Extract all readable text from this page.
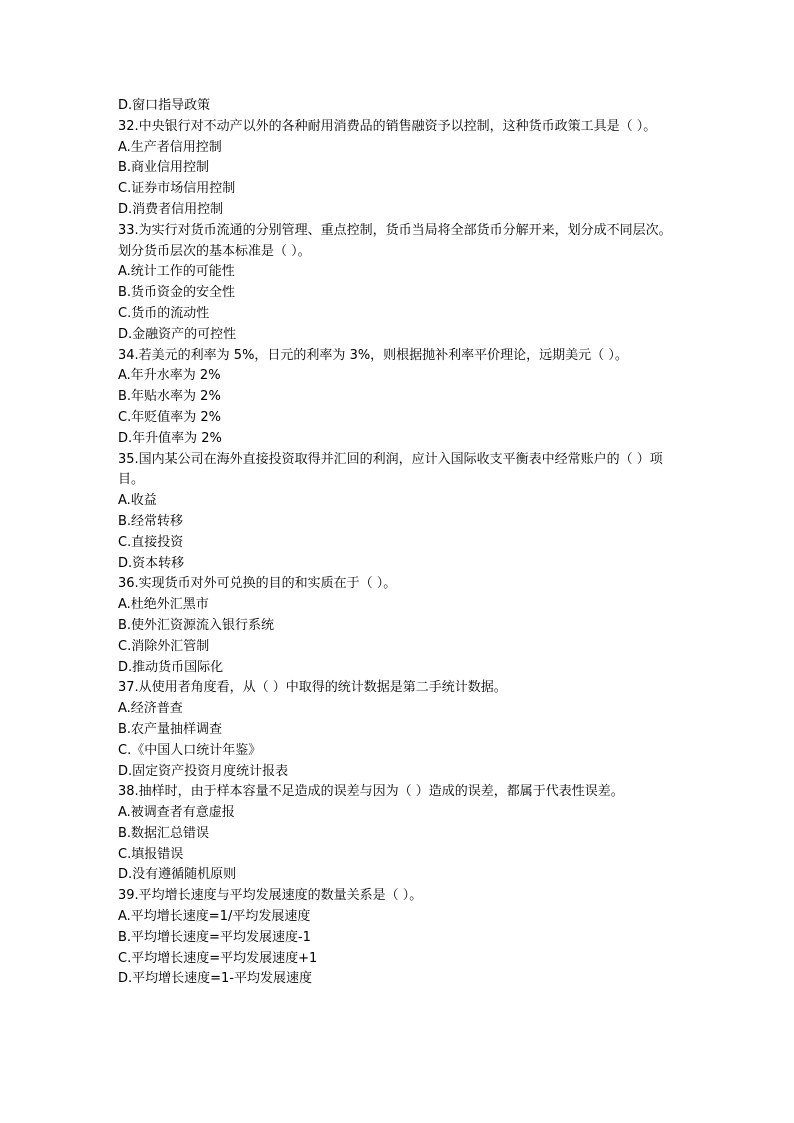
D.窗口指导政策
32.中央银行对不动产以外的各种耐用消费品的销售融资予以控制，这种货币政策工具是（ ）。
A.生产者信用控制
B.商业信用控制
C.证券市场信用控制
D.消费者信用控制
33.为实行对货币流通的分别管理、重点控制，货币当局将全部货币分解开来，划分成不同层次。划分货币层次的基本标准是（ ）。
A.统计工作的可能性
B.货币资金的安全性
C.货币的流动性
D.金融资产的可控性
34.若美元的利率为 5%，日元的利率为 3%，则根据抛补利率平价理论，远期美元（ ）。
A.年升水率为 2%
B.年贴水率为 2%
C.年贬值率为 2%
D.年升值率为 2%
35.国内某公司在海外直接投资取得并汇回的利润，应计入国际收支平衡表中经常账户的（ ）项目。
A.收益
B.经常转移
C.直接投资
D.资本转移
36.实现货币对外可兑换的目的和实质在于（ ）。
A.杜绝外汇黑市
B.使外汇资源流入银行系统
C.消除外汇管制
D.推动货币国际化
37.从使用者角度看，从（ ）中取得的统计数据是第二手统计数据。
A.经济普查
B.农产量抽样调查
C.《中国人口统计年鉴》
D.固定资产投资月度统计报表
38.抽样时，由于样本容量不足造成的误差与因为（ ）造成的误差，都属于代表性误差。
A.被调查者有意虚报
B.数据汇总错误
C.填报错误
D.没有遵循随机原则
39.平均增长速度与平均发展速度的数量关系是（ ）。
A.平均增长速度=1/平均发展速度
B.平均增长速度=平均发展速度-1
C.平均增长速度=平均发展速度+1
D.平均增长速度=1-平均发展速度
